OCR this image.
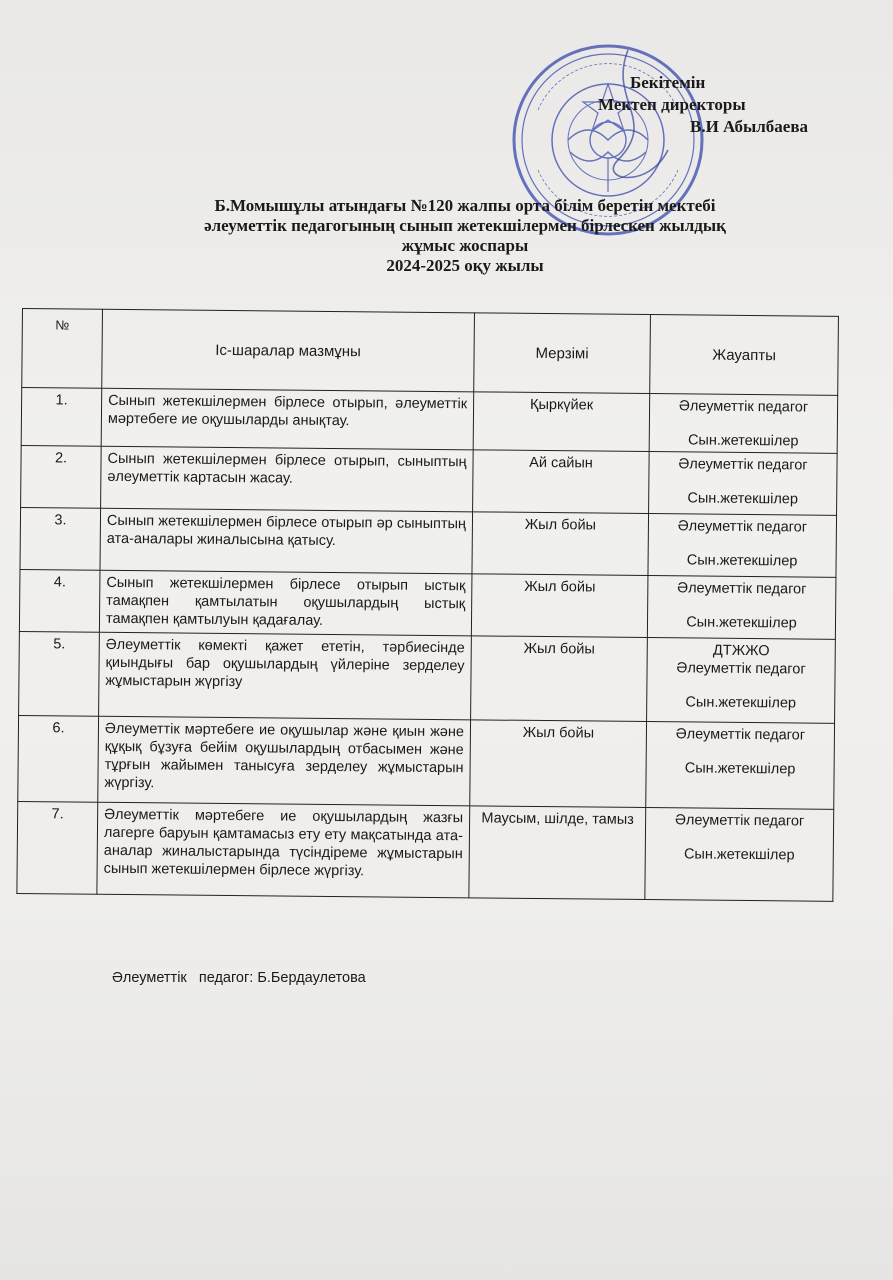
Бекітемін
Мектеп директоры
В.И Абылбаева
Б.Момышұлы атындағы №120 жалпы орта білім беретін мектебі
әлеуметтік педагогының сынып жетекшілермен бірлескен жылдық
жұмыс жоспары
2024-2025 оқу жылы
№	Іс-шаралар мазмұны	Мерзімі	Жауапты
1.	Сынып жетекшілермен бірлесе отырып, әлеуметтік мәртебеге ие оқушыларды анықтау.	Қыркүйек	Әлеуметтік педагог
Сын.жетекшілер

2.	Сынып жетекшілермен бірлесе отырып, сыныптың әлеуметтік картасын жасау.	Ай сайын	Әлеуметтік педагог
Сын.жетекшілер

3.	Сынып жетекшілермен бірлесе отырып әр сыныптың ата-аналары жиналысына қатысу.	Жыл бойы	Әлеуметтік педагог
Сын.жетекшілер

4.	Сынып жетекшілермен бірлесе отырып ыстық тамақпен қамтылатын оқушылардың ыстық тамақпен қамтылуын қадағалау.	Жыл бойы	Әлеуметтік педагог
Сын.жетекшілер

5.	Әлеуметтік көмекті қажет ететін, тәрбиесінде қиындығы бар оқушылардың үйлеріне зерделеу жұмыстарын жүргізу	Жыл бойы	ДТЖЖО
Әлеуметтік педагог
Сын.жетекшілер

6.	Әлеуметтік мәртебеге ие оқушылар және қиын және құқық бұзуға бейім оқушылардың отбасымен және тұрғын жайымен танысуға зерделеу жұмыстарын жүргізу.	Жыл бойы	Әлеуметтік педагог
Сын.жетекшілер

7.	Әлеуметтік мәртебеге ие оқушылардың жазғы лагерге баруын қамтамасыз ету ету мақсатында ата-аналар жиналыстарында түсіндіреме жұмыстарын сынып жетекшілермен бірлесе жүргізу.	Маусым, шілде, тамыз	Әлеуметтік педагог
Сын.жетекшілер
Әлеуметтік   педагог: Б.Бердаулетова
